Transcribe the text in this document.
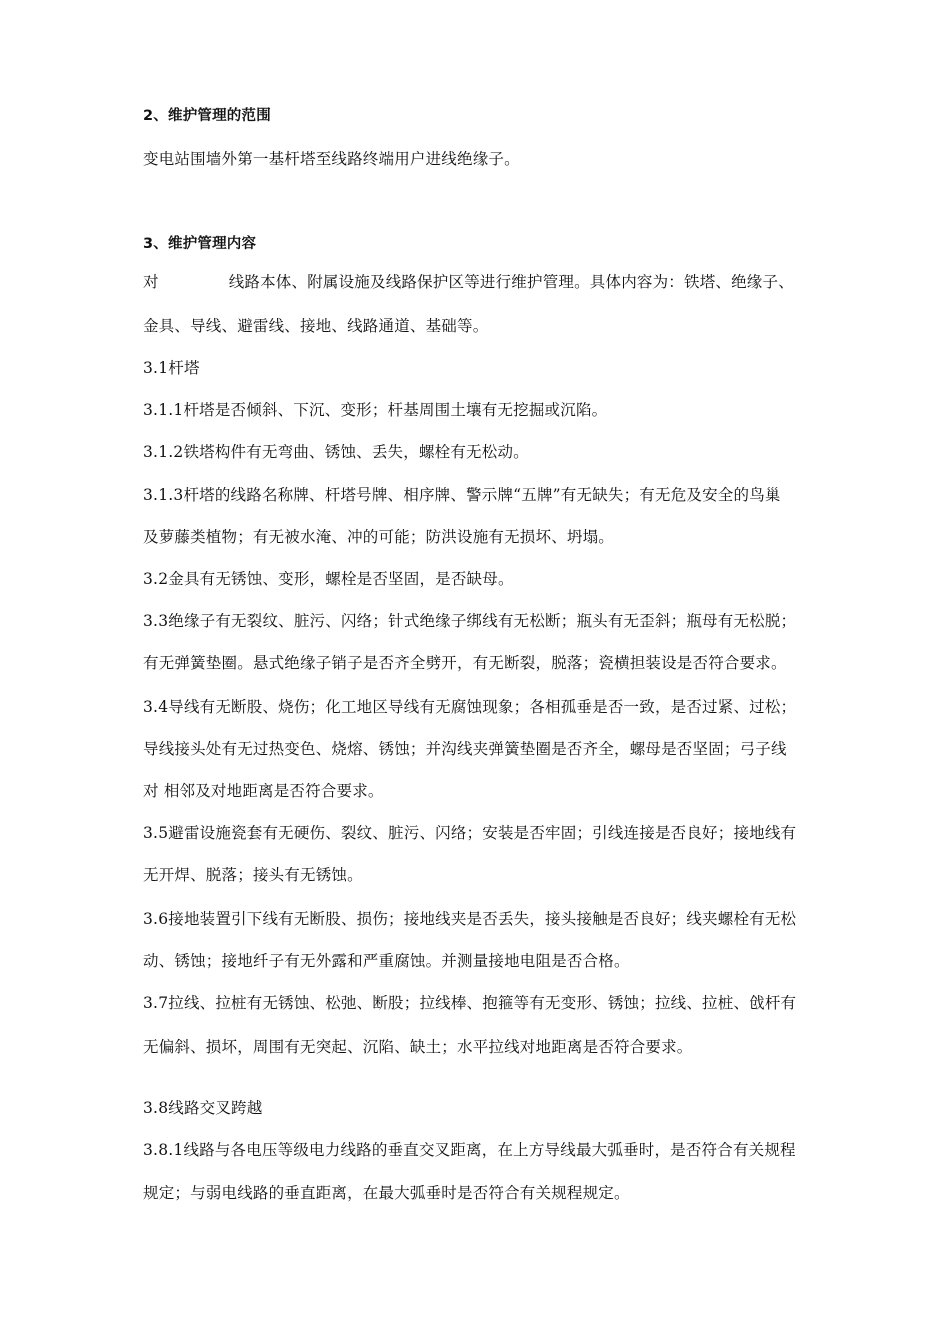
2、维护管理的范围
变电站围墙外第一基杆塔至线路终端用户进线绝缘子。
3、维护管理内容
对	线路本体、附属设施及线路保护区等进行维护管理。具体内容为：铁塔、绝缘子、
金具、导线、避雷线、接地、线路通道、基础等。
3.1杆塔
3.1.1杆塔是否倾斜、下沉、变形；杆基周围土壤有无挖掘或沉陷。
3.1.2铁塔构件有无弯曲、锈蚀、丢失，螺栓有无松动。
3.1.3杆塔的线路名称牌、杆塔号牌、相序牌、警示牌“五牌”有无缺失；有无危及安全的鸟巢
及萝藤类植物；有无被水淹、冲的可能；防洪设施有无损坏、坍塌。
3.2金具有无锈蚀、变形，螺栓是否坚固，是否缺母。
3.3绝缘子有无裂纹、脏污、闪络；针式绝缘子绑线有无松断；瓶头有无歪斜；瓶母有无松脱；
有无弹簧垫圈。悬式绝缘子销子是否齐全劈开，有无断裂，脱落；瓷横担装设是否符合要求。
3.4导线有无断股、烧伤；化工地区导线有无腐蚀现象；各相孤垂是否一致，是否过紧、过松；
导线接头处有无过热变色、烧熔、锈蚀；并沟线夹弹簧垫圈是否齐全，螺母是否坚固；弓子线
对 相邻及对地距离是否符合要求。
3.5避雷设施瓷套有无硬伤、裂纹、脏污、闪络；安装是否牢固；引线连接是否良好；接地线有
无开焊、脱落；接头有无锈蚀。
3.6接地装置引下线有无断股、损伤；接地线夹是否丢失，接头接触是否良好；线夹螺栓有无松
动、锈蚀；接地纤子有无外露和严重腐蚀。并测量接地电阻是否合格。
3.7拉线、拉桩有无锈蚀、松弛、断股；拉线棒、抱箍等有无变形、锈蚀；拉线、拉桩、戗杆有
无偏斜、损坏，周围有无突起、沉陷、缺土；水平拉线对地距离是否符合要求。
3.8线路交叉跨越
3.8.1线路与各电压等级电力线路的垂直交叉距离，在上方导线最大弧垂时，是否符合有关规程
规定；与弱电线路的垂直距离，在最大弧垂时是否符合有关规程规定。
